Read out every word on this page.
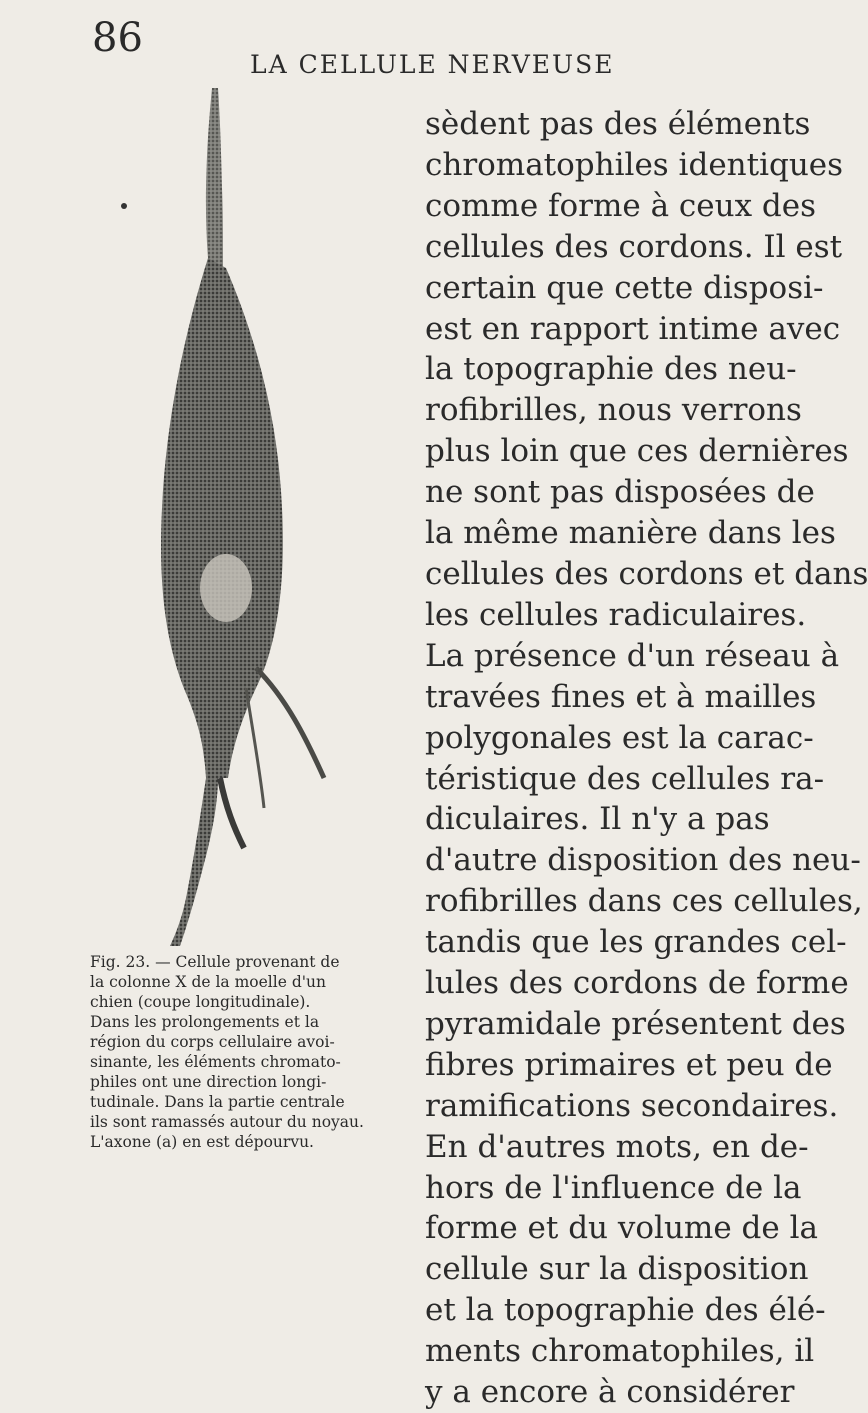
86
LA CELLULE NERVEUSE
Fig. 23. — Cellule provenant de
la colonne X de la moelle d'un
chien (coupe longitudinale).
Dans les prolongements et la
région du corps cellulaire avoi-
sinante, les éléments chromato-
philes ont une direction longi-
tudinale. Dans la partie centrale
ils sont ramassés autour du noyau.
L'axone (a) en est dépourvu.
sèdent pas des éléments
chromatophiles identiques
comme forme à ceux des
cellules des cordons. Il est
certain que cette disposi-
est en rapport intime avec
la topographie des neu-
rofibrilles, nous verrons
plus loin que ces dernières
ne sont pas disposées de
la même manière dans les
cellules des cordons et dans
les cellules radiculaires.
La présence d'un réseau à
travées fines et à mailles
polygonales est la carac-
téristique des cellules ra-
diculaires. Il n'y a pas
d'autre disposition des neu-
rofibrilles dans ces cellules,
tandis que les grandes cel-
lules des cordons de forme
pyramidale présentent des
fibres primaires et peu de
ramifications secondaires.
En d'autres mots, en de-
hors de l'influence de la
forme et du volume de la
cellule sur la disposition
et la topographie des élé-
ments chromatophiles, il
y a encore à considérer
